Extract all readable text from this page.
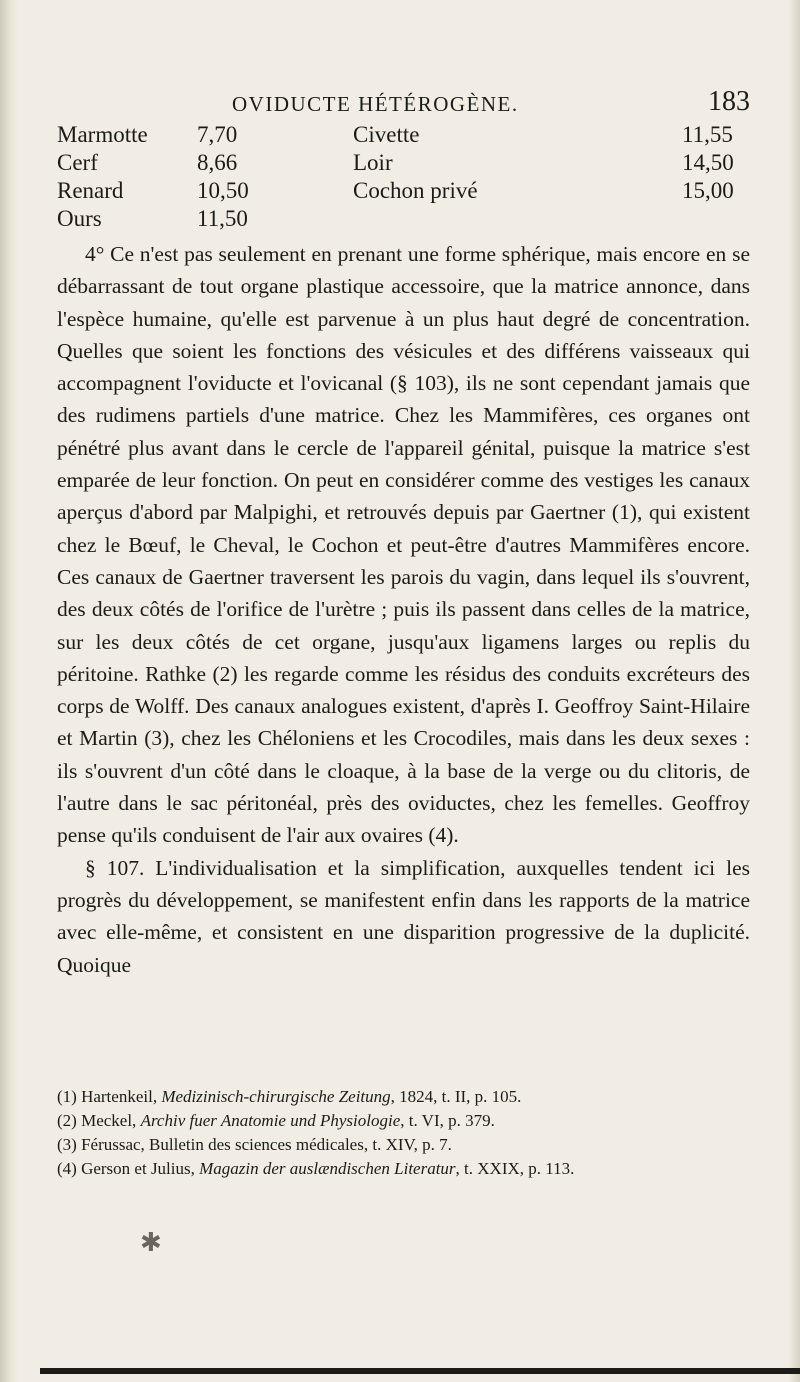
OVIDUCTE HÉTÉROGÈNE.	183
Marmotte 7,70	Civette	11,55
Cerf	8,66	Loir	14,50
Renard	10,50	Cochon privé	15,00
Ours	11,50

4° Ce n'est pas seulement en prenant une forme sphérique, mais encore en se débarrassant de tout organe plastique accessoire, que la matrice annonce, dans l'espèce humaine, qu'elle est parvenue à un plus haut degré de concentration. Quelles que soient les fonctions des vésicules et des différens vaisseaux qui accompagnent l'oviducte et l'ovicanal (§ 103), ils ne sont cependant jamais que des rudimens partiels d'une matrice. Chez les Mammifères, ces organes ont pénétré plus avant dans le cercle de l'appareil génital, puisque la matrice s'est emparée de leur fonction. On peut en considérer comme des vestiges les canaux aperçus d'abord par Malpighi, et retrouvés depuis par Gaertner (1), qui existent chez le Bœuf, le Cheval, le Cochon et peut-être d'autres Mammifères encore. Ces canaux de Gaertner traversent les parois du vagin, dans lequel ils s'ouvrent, des deux côtés de l'orifice de l'urètre ; puis ils passent dans celles de la matrice, sur les deux côtés de cet organe, jusqu'aux ligamens larges ou replis du péritoine. Rathke (2) les regarde comme les résidus des conduits excréteurs des corps de Wolff. Des canaux analogues existent, d'après I. Geoffroy Saint-Hilaire et Martin (3), chez les Chéloniens et les Crocodiles, mais dans les deux sexes : ils s'ouvrent d'un côté dans le cloaque, à la base de la verge ou du clitoris, de l'autre dans le sac péritonéal, près des oviductes, chez les femelles. Geoffroy pense qu'ils conduisent de l'air aux ovaires (4).

§ 107. L'individualisation et la simplification, auxquelles tendent ici les progrès du développement, se manifestent enfin dans les rapports de la matrice avec elle-même, et consistent en une disparition progressive de la duplicité. Quoique

(1) Hartenkeil, Medizinisch-chirurgische Zeitung, 1824, t. II, p. 105.

(2) Meckel, Archiv fuer Anatomie und Physiologie, t. VI, p. 379.

(3) Férussac, Bulletin des sciences médicales, t. XIV, p. 7.

(4) Gerson et Julius, Magazin der auslændischen Literatur, t. XXIX, p. 113.

✱
